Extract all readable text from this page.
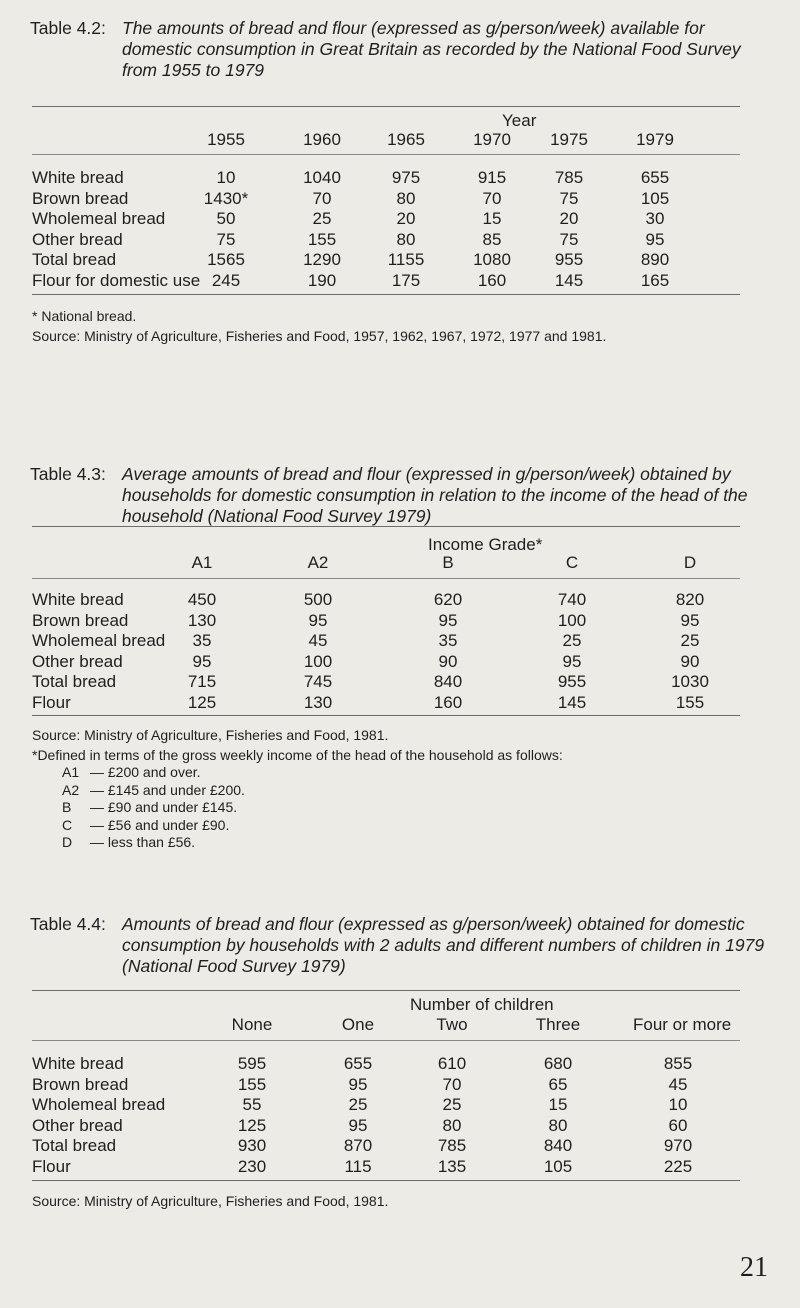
Table 4.2: The amounts of bread and flour (expressed as g/person/week) available for domestic consumption in Great Britain as recorded by the National Food Survey from 1955 to 1979
Year
1955	1960	1965	1970	1975	1979
Table 4.3: Average amounts of bread and flour (expressed in g/person/week) obtained by households for domestic consumption in relation to the income of the head of the household (National Food Survey 1979)
Income Grade*
Table 4.4: Amounts of bread and flour (expressed as g/person/week) obtained for domestic consumption by households with 2 adults and different numbers of children in 1979 (National Food Survey 1979)
Number of children
21
White bread	10	1040	975	915	785	655
Brown bread	1430*	70	80	70	75	105
Wholemeal bread	50	25	20	15	20	30
Other bread	75	155	80	85	75	95
Total bread	1565	1290	1155	1080	955	890
Flour for domestic use 245	190	175	160	145	165
* National bread.
Source: Ministry of Agriculture, Fisheries and Food, 1957, 1962, 1967, 1972, 1977 and 1981.
A1	A2	B	C	D
White bread	450	500	620	740	820
Brown bread	130	95	95	100	95
Wholemeal bread	35	45	35	25	25
Other bread	95	100	90	95	90
Total bread	715	745	840	955	1030
Flour	125	130	160	145	155
Source: Ministry of Agriculture, Fisheries and Food, 1981.
*Defined in terms of the gross weekly income of the head of the household as follows:
A1 — £200 and over.
A2 — £145 and under £200.
B — £90 and under £145.
C — £56 and under £90.
D — less than £56.
None	One	Two	Three	Four or more
White bread	595	655	610	680	855
Brown bread	155	95	70	65	45
Wholemeal bread	55	25	25	15	10
Other bread	125	95	80	80	60
Total bread	930	870	785	840	970
Flour	230	115	135	105	225
Source: Ministry of Agriculture, Fisheries and Food, 1981.
